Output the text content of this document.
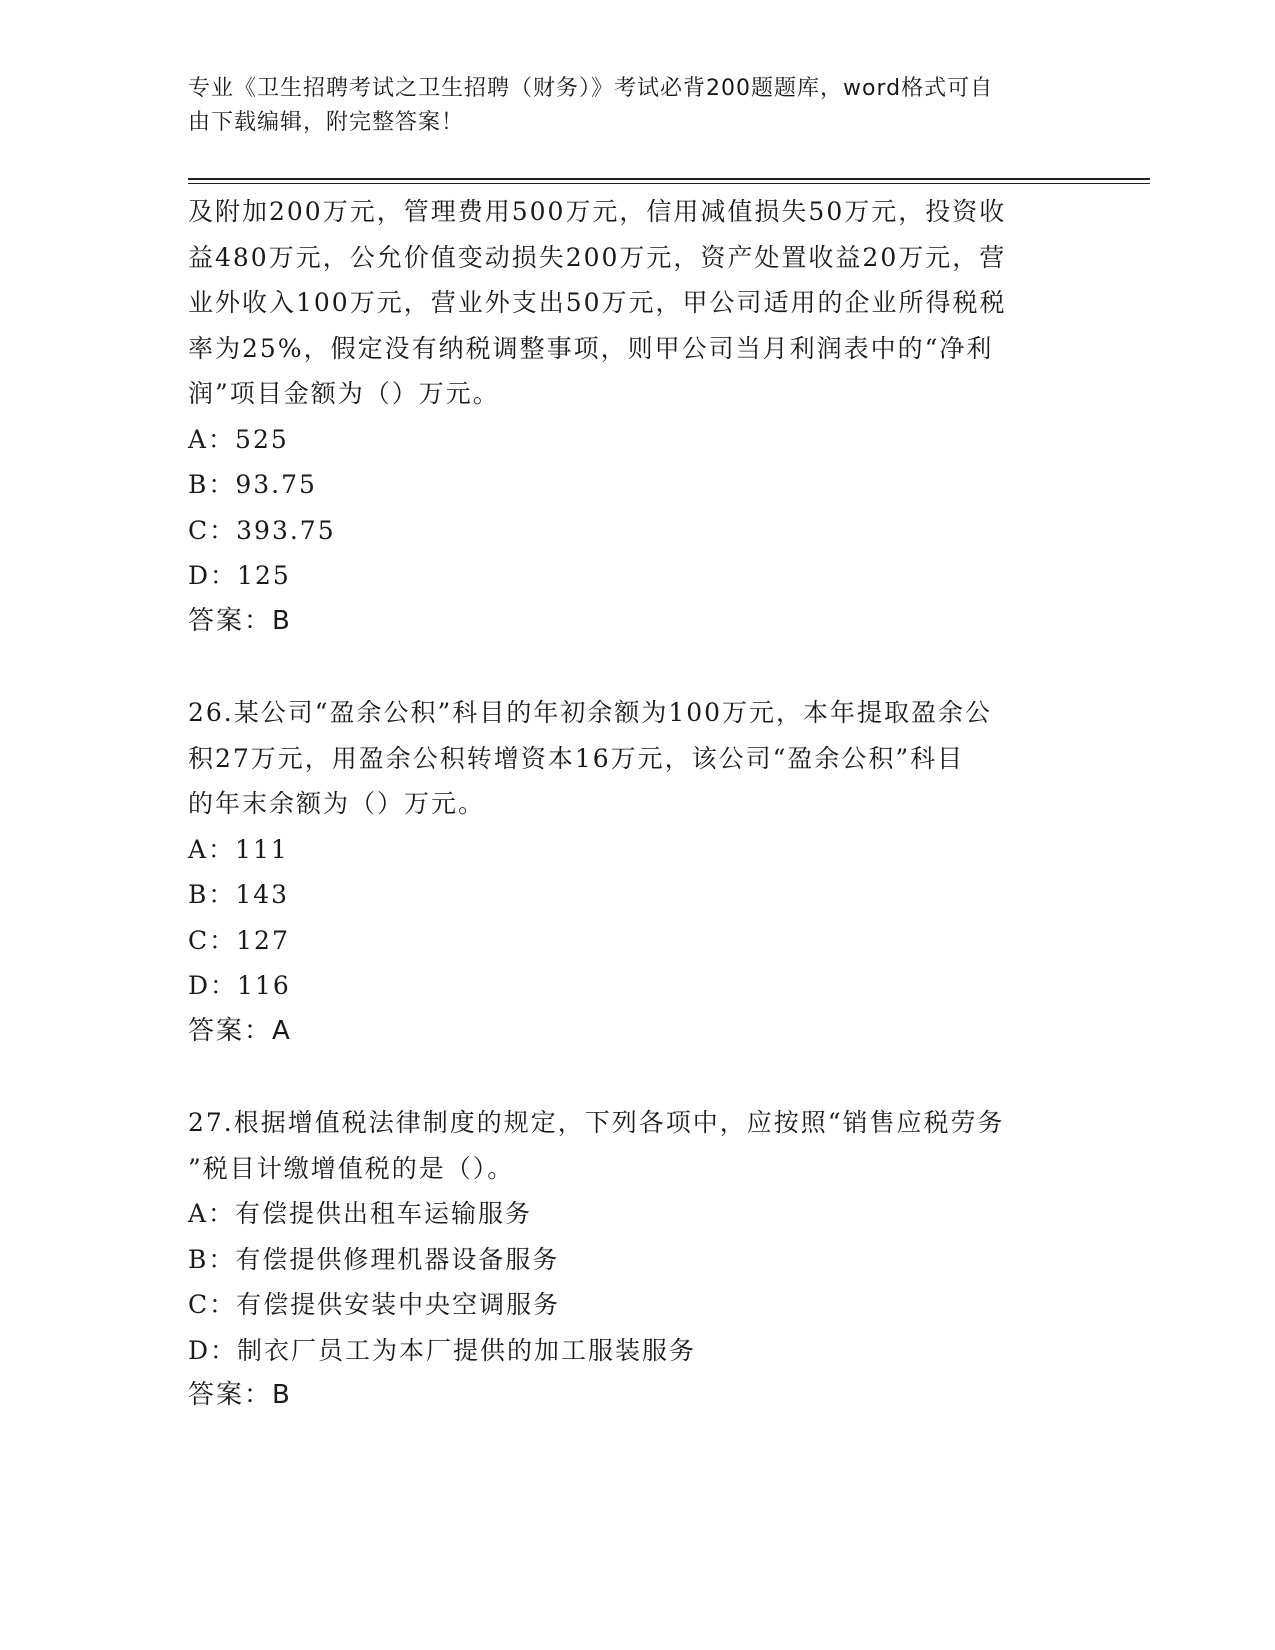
专业《卫生招聘考试之卫生招聘（财务）》考试必背200题题库，word格式可自
由下载编辑，附完整答案！
及附加200万元，管理费用500万元，信用减值损失50万元，投资收
益480万元，公允价值变动损失200万元，资产处置收益20万元，营
业外收入100万元，营业外支出50万元，甲公司适用的企业所得税税
率为25%，假定没有纳税调整事项，则甲公司当月利润表中的“净利
润”项目金额为（）万元。
A：525
B：93.75
C：393.75
D：125
答案：B
26.某公司“盈余公积”科目的年初余额为100万元，本年提取盈余公
积27万元，用盈余公积转增资本16万元，该公司“盈余公积”科目
的年末余额为（）万元。
A：111
B：143
C：127
D：116
答案：A
27.根据增值税法律制度的规定，下列各项中，应按照“销售应税劳务
”税目计缴增值税的是（）。
A：有偿提供出租车运输服务
B：有偿提供修理机器设备服务
C：有偿提供安装中央空调服务
D：制衣厂员工为本厂提供的加工服装服务
答案：B
